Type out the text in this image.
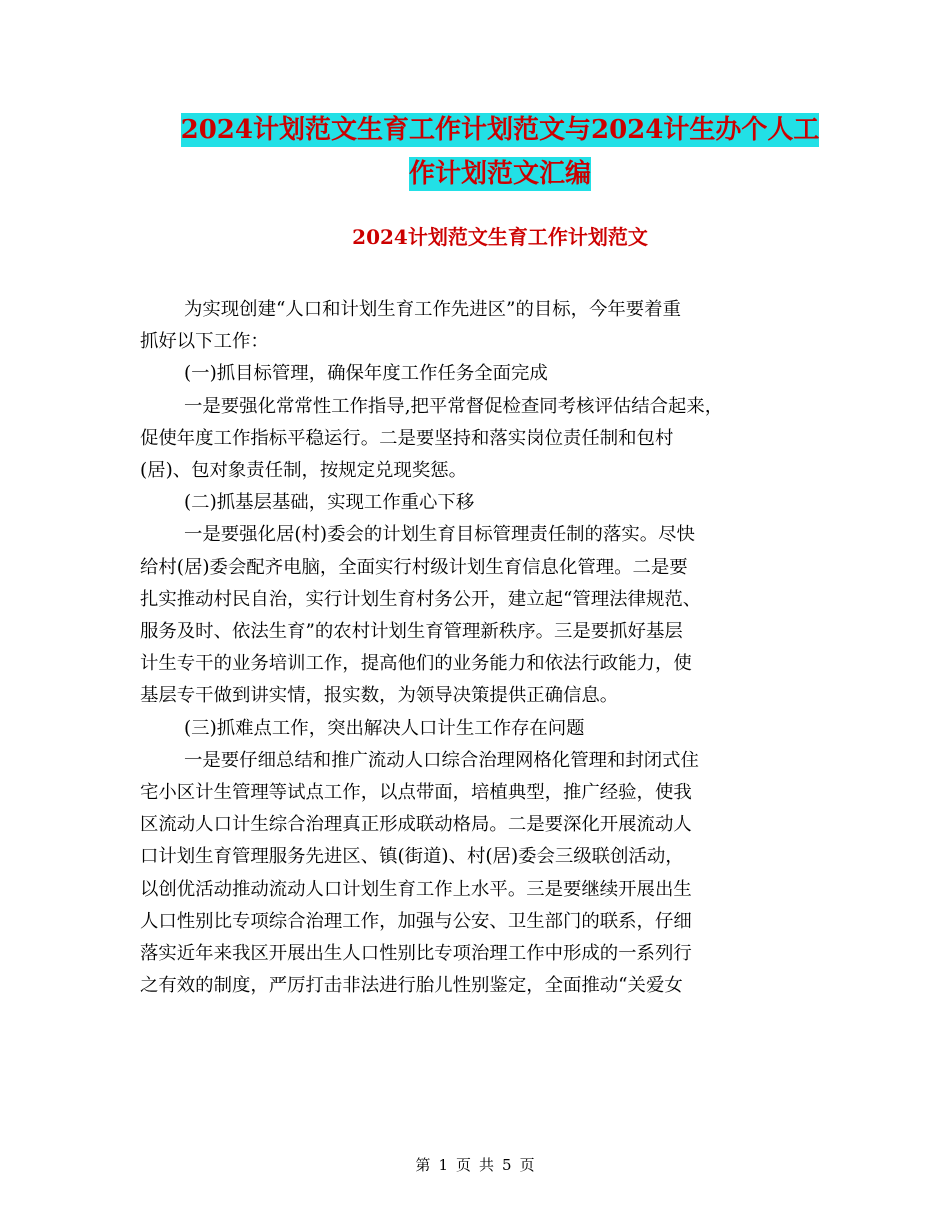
2024计划范文生育工作计划范文与2024计生办个人工
作计划范文汇编
2024计划范文生育工作计划范文
为实现创建“人口和计划生育工作先进区”的目标，今年要着重
抓好以下工作：
(一)抓目标管理，确保年度工作任务全面完成
一是要强化常常性工作指导,把平常督促检查同考核评估结合起来，
促使年度工作指标平稳运行。二是要坚持和落实岗位责任制和包村
(居)、包对象责任制，按规定兑现奖惩。
(二)抓基层基础，实现工作重心下移
一是要强化居(村)委会的计划生育目标管理责任制的落实。尽快
给村(居)委会配齐电脑，全面实行村级计划生育信息化管理。二是要
扎实推动村民自治，实行计划生育村务公开，建立起“管理法律规范、
服务及时、依法生育”的农村计划生育管理新秩序。三是要抓好基层
计生专干的业务培训工作，提高他们的业务能力和依法行政能力，使
基层专干做到讲实情，报实数，为领导决策提供正确信息。
(三)抓难点工作，突出解决人口计生工作存在问题
一是要仔细总结和推广流动人口综合治理网格化管理和封闭式住
宅小区计生管理等试点工作，以点带面，培植典型，推广经验，使我
区流动人口计生综合治理真正形成联动格局。二是要深化开展流动人
口计划生育管理服务先进区、镇(街道)、村(居)委会三级联创活动，
以创优活动推动流动人口计划生育工作上水平。三是要继续开展出生
人口性别比专项综合治理工作，加强与公安、卫生部门的联系，仔细
落实近年来我区开展出生人口性别比专项治理工作中形成的一系列行
之有效的制度，严厉打击非法进行胎儿性别鉴定，全面推动“关爱女
第 1 页 共 5 页
